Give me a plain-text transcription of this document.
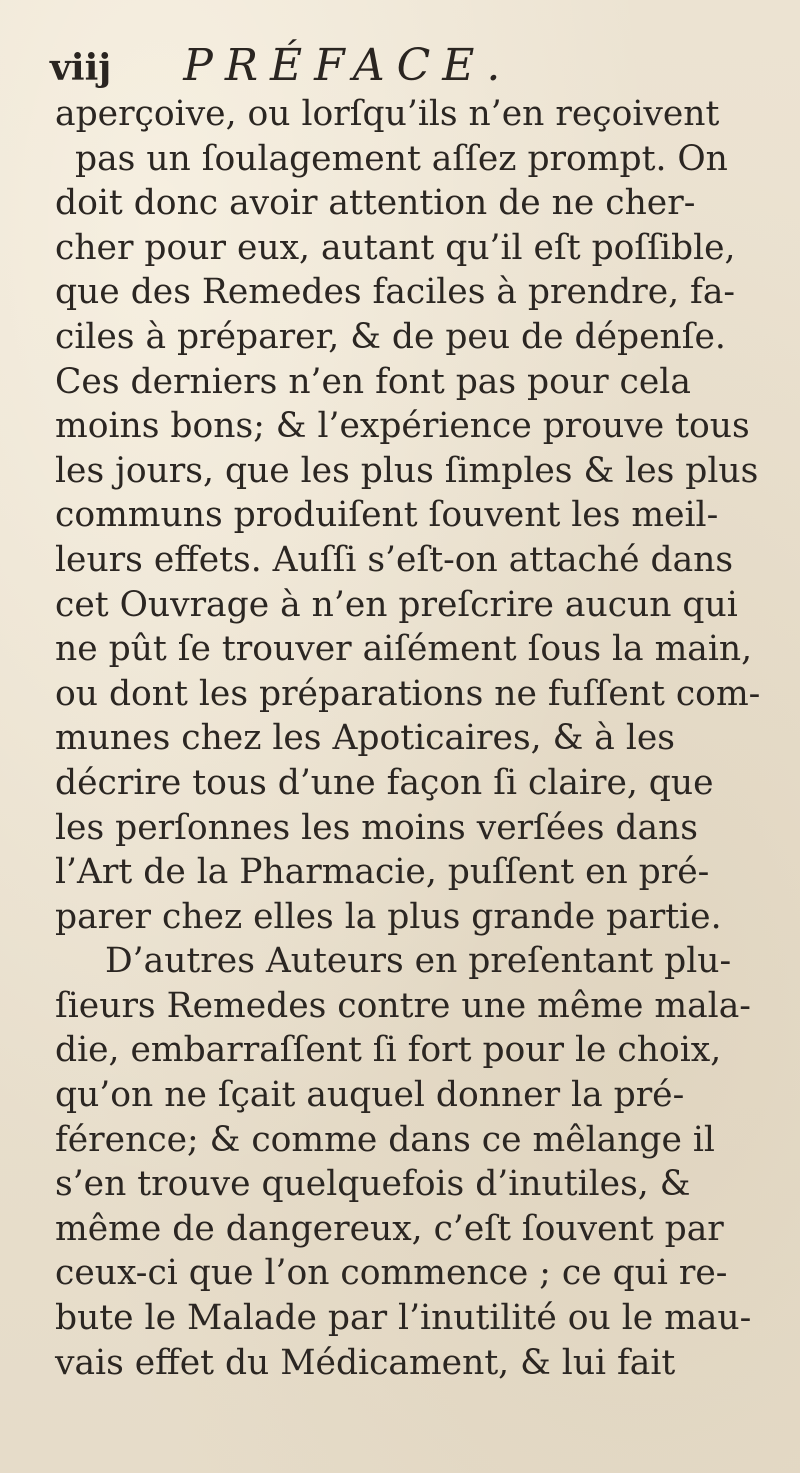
viij PRÉFACE.
aperçoive, ou lorſqu’ils n’en reçoivent
pas un ſoulagement aſſez prompt. On
doit donc avoir attention de ne cher-
cher pour eux, autant qu’il eſt poſſible,
que des Remedes faciles à prendre, fa-
ciles à préparer, & de peu de dépenſe.
Ces derniers n’en font pas pour cela
moins bons; & l’expérience prouve tous
les jours, que les plus ſimples & les plus
communs produiſent ſouvent les meil-
leurs effets. Auſſi s’eſt-on attaché dans
cet Ouvrage à n’en preſcrire aucun qui
ne pût ſe trouver aiſément ſous la main,
ou dont les préparations ne fuſſent com-
munes chez les Apoticaires, & à les
décrire tous d’une façon ſi claire, que
les perſonnes les moins verſées dans
l’Art de la Pharmacie, puſſent en pré-
parer chez elles la plus grande partie.
D’autres Auteurs en preſentant plu-
ſieurs Remedes contre une même mala-
die, embarraſſent ſi fort pour le choix,
qu’on ne ſçait auquel donner la pré-
férence; & comme dans ce mêlange il
s’en trouve quelquefois d’inutiles, &
même de dangereux, c’eſt ſouvent par
ceux-ci que l’on commence ; ce qui re-
bute le Malade par l’inutilité ou le mau-
vais effet du Médicament, & lui fait
